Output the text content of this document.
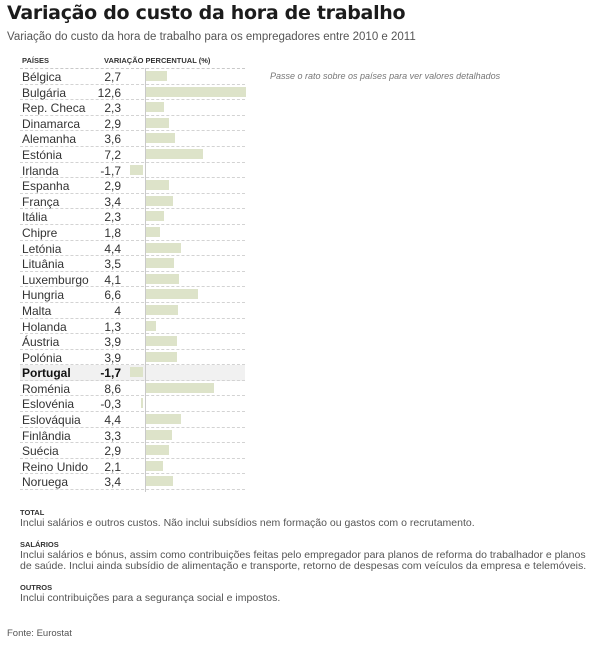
Variação do custo da hora de trabalho
Variação do custo da hora de trabalho para os empregadores entre 2010 e 2011
PAÍSES	VARIAÇÃO PERCENTUAL (%)
Bélgica	2,7
Bulgária	12,6
Rep. Checa 2,3
Dinamarca 2,9
Alemanha 3,6
Estónia	7,2
Irlanda	-1,7
Espanha	2,9
França	3,4
Itália	2,3
Chipre	1,8
Letónia	4,4
Lituânia	3,5
Luxemburgo 4,1
Hungria	6,6
Malta	4
Holanda	1,3
Áustria	3,9
Polónia	3,9
Portugal -1,7
Roménia	8,6
Eslovénia -0,3
Eslováquia 4,4
Finlândia	3,3
Suécia	2,9
Reino Unido 2,1
Noruega	3,4
Passe o rato sobre os países para ver valores detalhados
TOTAL
Inclui salários e outros custos. Não inclui subsídios nem formação ou gastos com o recrutamento.
SALÁRIOS
Inclui salários e bónus, assim como contribuições feitas pelo empregador para planos de reforma do trabalhador e planos de saúde. Inclui ainda subsídio de alimentação e transporte, retorno de despesas com veículos da empresa e telemóveis.
OUTROS
Inclui contribuições para a segurança social e impostos.
Fonte: Eurostat
